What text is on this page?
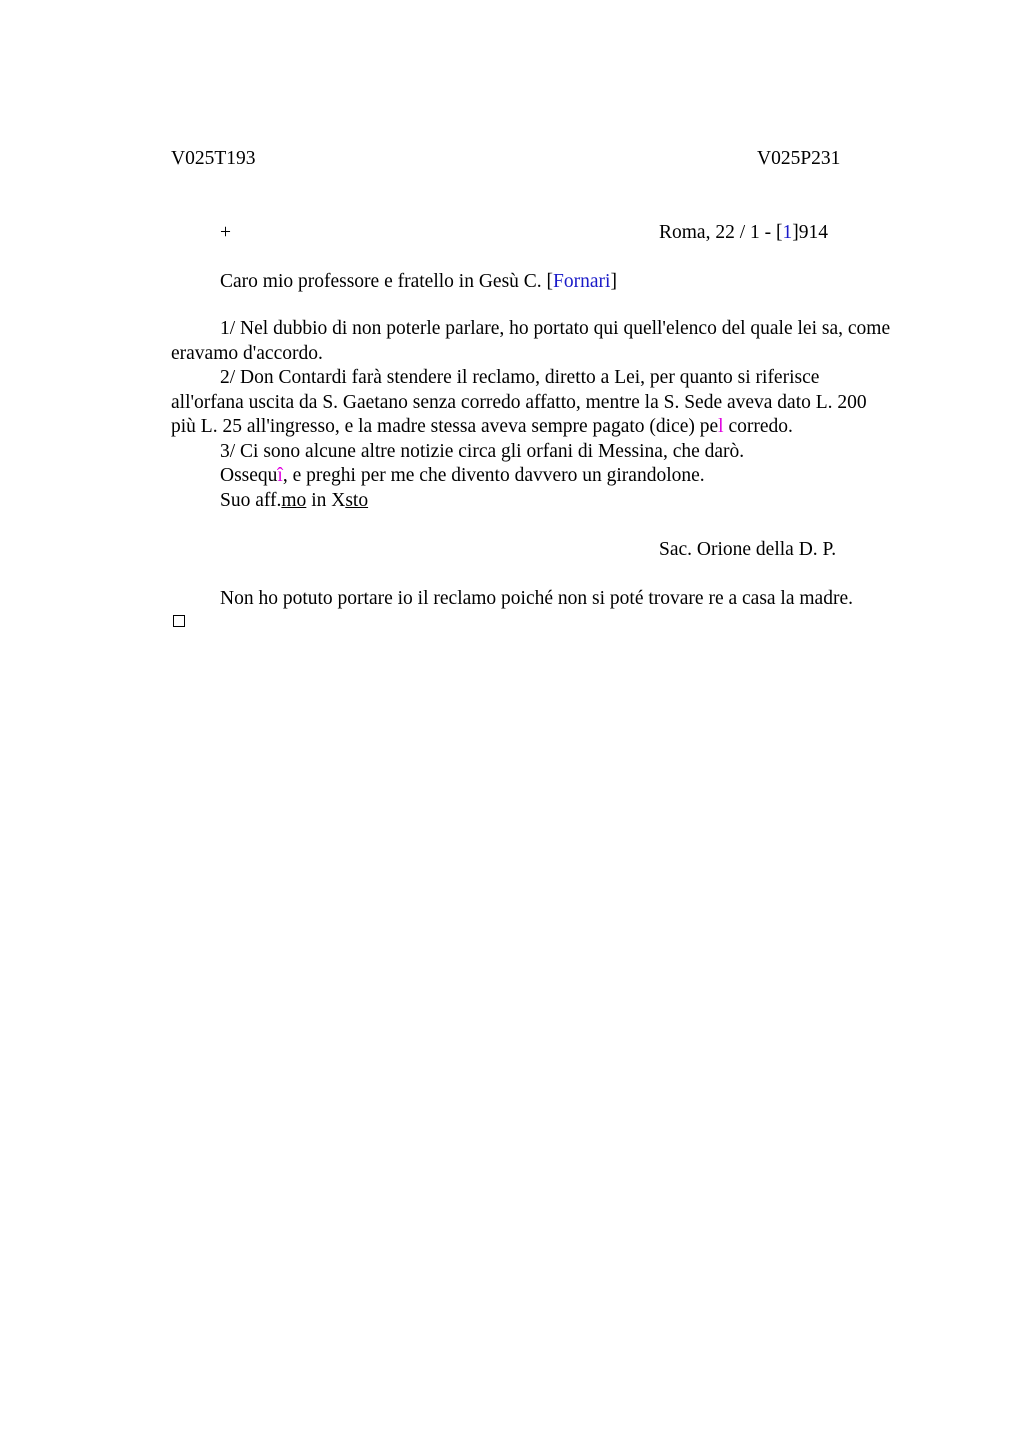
V025T193	V025P231
+	Roma, 22 / 1 - [1]914
Caro mio professore e fratello in Gesù C. [Fornari]
1/ Nel dubbio di non poterle parlare, ho portato qui quell'elenco del quale lei sa, come eravamo d'accordo.
2/ Don Contardi farà stendere il reclamo, diretto a Lei, per quanto si riferisce all'orfana uscita da S. Gaetano senza corredo affatto, mentre la S. Sede aveva dato L. 200 più L. 25 all'ingresso, e la madre stessa aveva sempre pagato (dice) pel corredo.
3/ Ci sono alcune altre notizie circa gli orfani di Messina, che darò.
Ossequî, e preghi per me che divento davvero un girandolone.
Suo aff.mo in Xsto
Sac. Orione della D. P.
Non ho potuto portare io il reclamo poiché non si poté trovare re a casa la madre.
